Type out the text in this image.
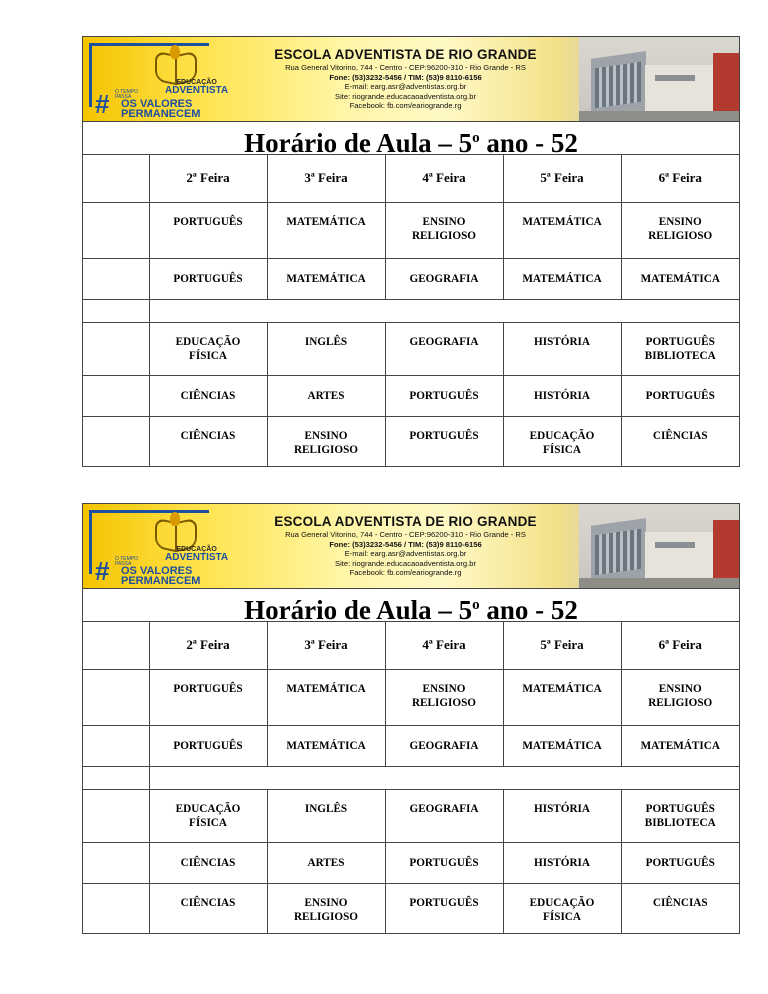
EDUCAÇÃO
ADVENTISTA
# O TEMPO PASSA
OS VALORES
PERMANECEM
ESCOLA ADVENTISTA DE RIO GRANDE
Rua General Vitorino, 744 - Centro - CEP:96200-310 - Rio Grande - RS
Fone: (53)3232-5456 / TIM: (53)9 8110-6156
E-mail: earg.asr@adventistas.org.br
Site: riogrande.educacaoadventista.org.br
Facebook: fb.com/eariogrande.rg
Horário de Aula – 5$^o$ ano - 52
	2ª Feira	3ª Feira	4ª Feira	5ª Feira	6ª Feira

	PORTUGUÊS	MATEMÁTICA	ENSINO
RELIGIOSO	MATEMÁTICA	ENSINO
RELIGIOSO

	PORTUGUÊS	MATEMÁTICA	GEOGRAFIA	MATEMÁTICA	MATEMÁTICA

	EDUCAÇÃO
FÍSICA	INGLÊS	GEOGRAFIA	HISTÓRIA	PORTUGUÊS
BIBLIOTECA

	CIÊNCIAS	ARTES	PORTUGUÊS	HISTÓRIA	PORTUGUÊS

	CIÊNCIAS	ENSINO
RELIGIOSO	PORTUGUÊS	EDUCAÇÃO
FÍSICA	CIÊNCIAS
EDUCAÇÃO
ADVENTISTA
# O TEMPO PASSA
OS VALORES
PERMANECEM
ESCOLA ADVENTISTA DE RIO GRANDE
Rua General Vitorino, 744 - Centro - CEP:96200-310 - Rio Grande - RS
Fone: (53)3232-5456 / TIM: (53)9 8110-6156
E-mail: earg.asr@adventistas.org.br
Site: riogrande.educacaoadventista.org.br
Facebook: fb.com/eariogrande.rg
Horário de Aula – 5$^o$ ano - 52
	2ª Feira	3ª Feira	4ª Feira	5ª Feira	6ª Feira

	PORTUGUÊS	MATEMÁTICA	ENSINO
RELIGIOSO	MATEMÁTICA	ENSINO
RELIGIOSO

	PORTUGUÊS	MATEMÁTICA	GEOGRAFIA	MATEMÁTICA	MATEMÁTICA

	EDUCAÇÃO
FÍSICA	INGLÊS	GEOGRAFIA	HISTÓRIA	PORTUGUÊS
BIBLIOTECA

	CIÊNCIAS	ARTES	PORTUGUÊS	HISTÓRIA	PORTUGUÊS

	CIÊNCIAS	ENSINO
RELIGIOSO	PORTUGUÊS	EDUCAÇÃO
FÍSICA	CIÊNCIAS
